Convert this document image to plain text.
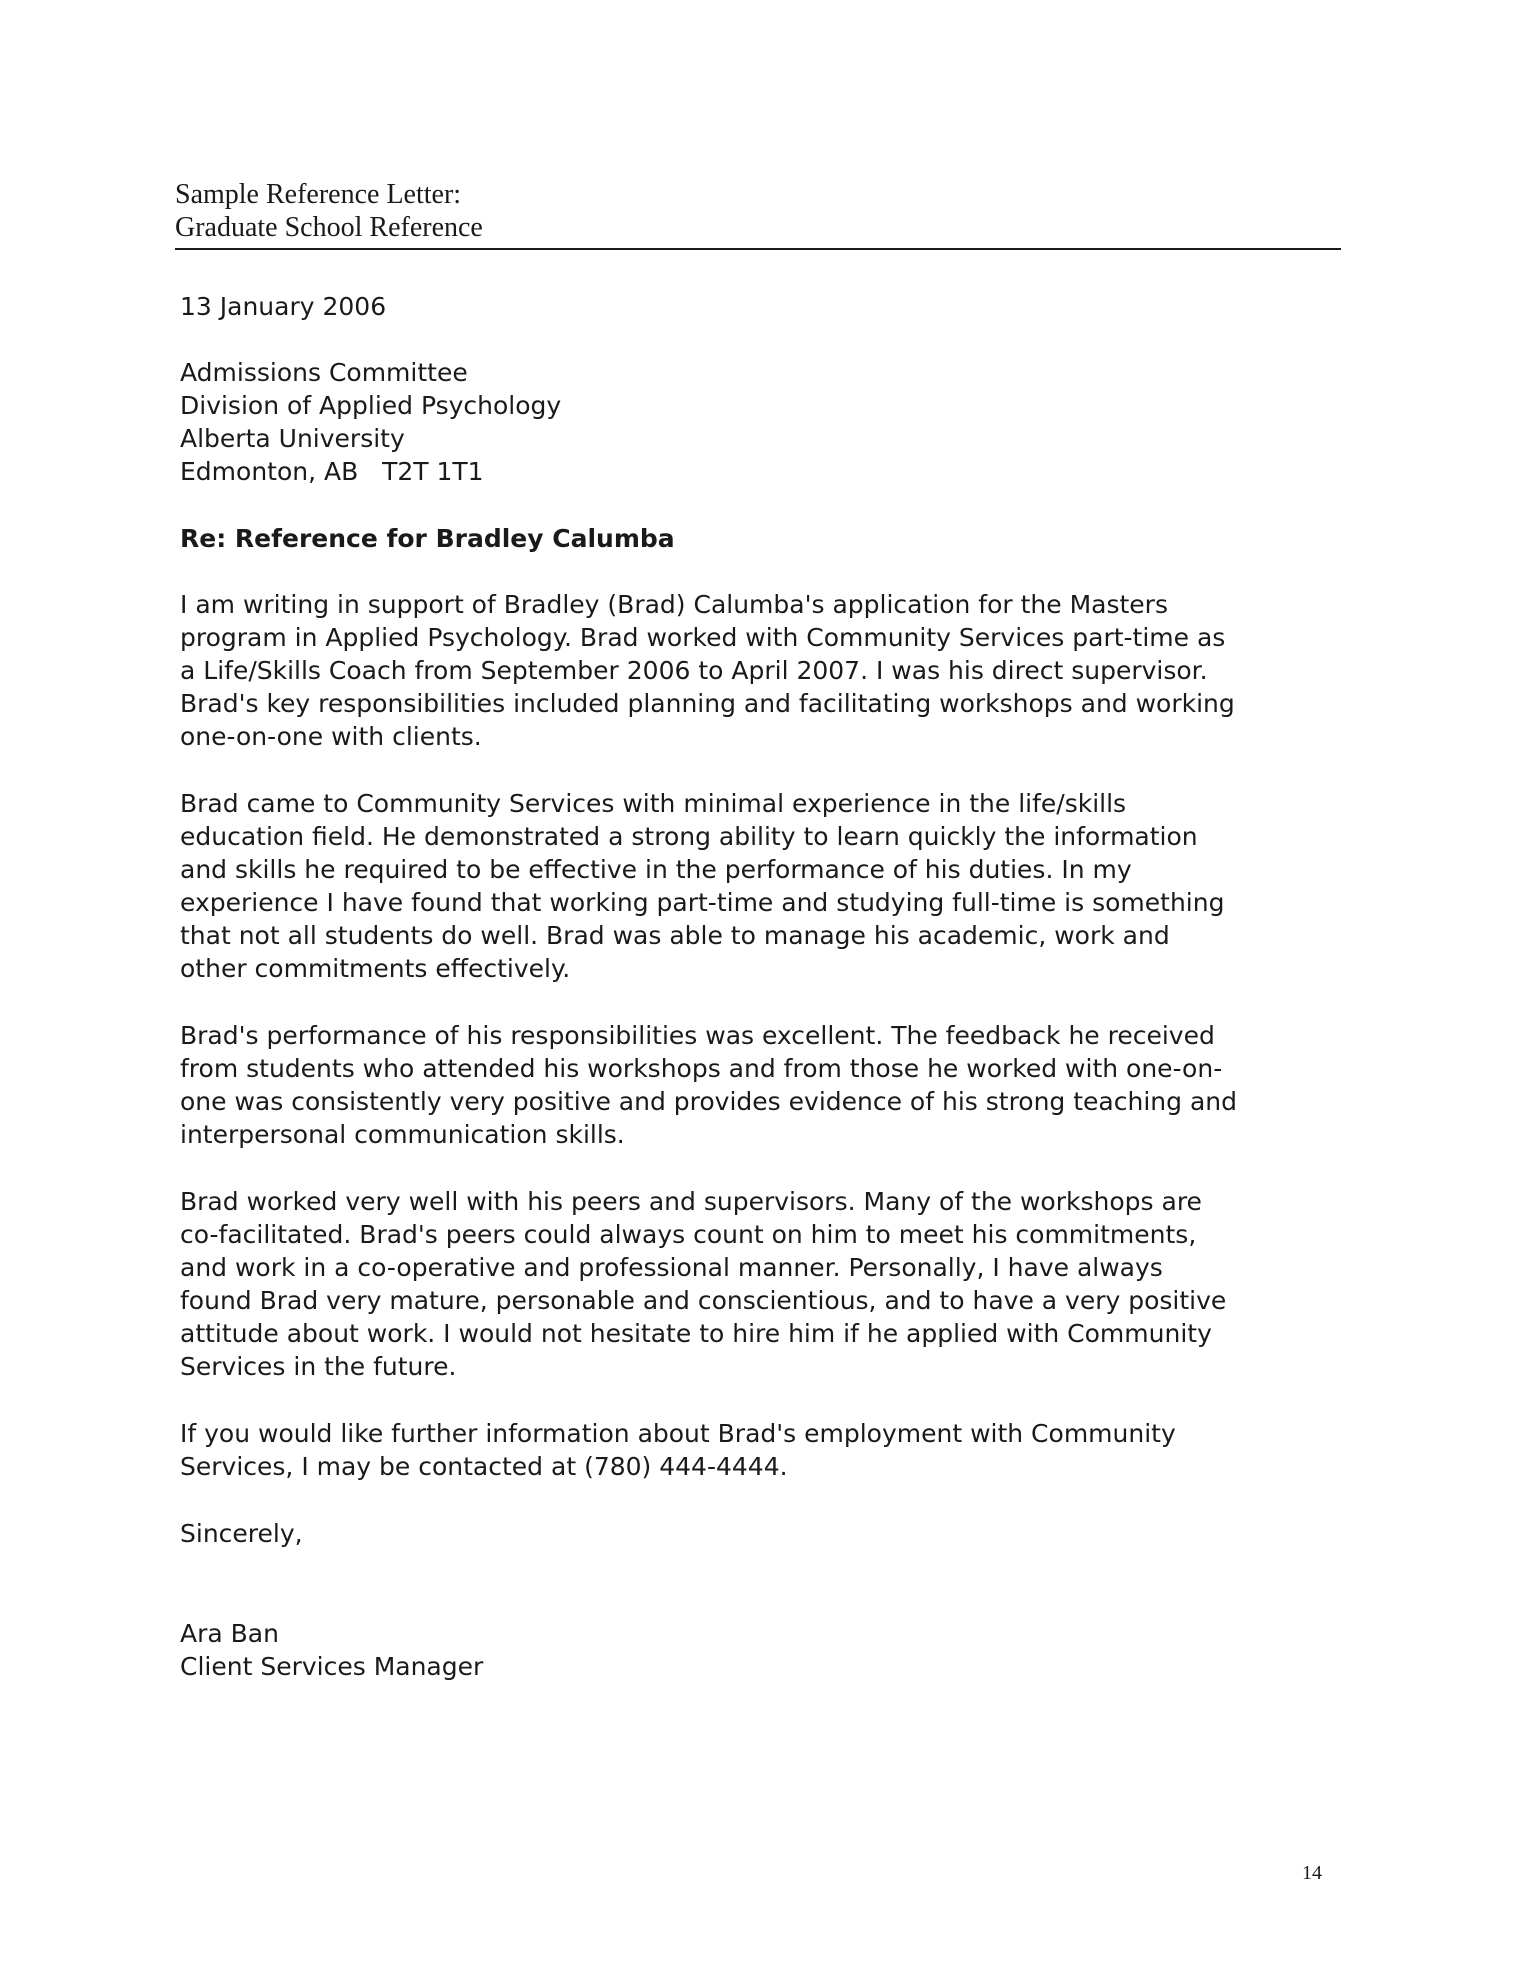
Sample Reference Letter:
Graduate School Reference
13 January 2006
Admissions Committee
Division of Applied Psychology
Alberta University
Edmonton, AB   T2T 1T1
Re: Reference for Bradley Calumba
I am writing in support of Bradley (Brad) Calumba's application for the Masters
program in Applied Psychology. Brad worked with Community Services part-time as
a Life/Skills Coach from September 2006 to April 2007. I was his direct supervisor.
Brad's key responsibilities included planning and facilitating workshops and working
one-on-one with clients.
Brad came to Community Services with minimal experience in the life/skills
education field. He demonstrated a strong ability to learn quickly the information
and skills he required to be effective in the performance of his duties. In my
experience I have found that working part-time and studying full-time is something
that not all students do well. Brad was able to manage his academic, work and
other commitments effectively.
Brad's performance of his responsibilities was excellent. The feedback he received
from students who attended his workshops and from those he worked with one-on-
one was consistently very positive and provides evidence of his strong teaching and
interpersonal communication skills.
Brad worked very well with his peers and supervisors. Many of the workshops are
co-facilitated. Brad's peers could always count on him to meet his commitments,
and work in a co-operative and professional manner. Personally, I have always
found Brad very mature, personable and conscientious, and to have a very positive
attitude about work. I would not hesitate to hire him if he applied with Community
Services in the future.
If you would like further information about Brad's employment with Community
Services, I may be contacted at (780) 444-4444.
Sincerely,
Ara Ban
Client Services Manager
14
